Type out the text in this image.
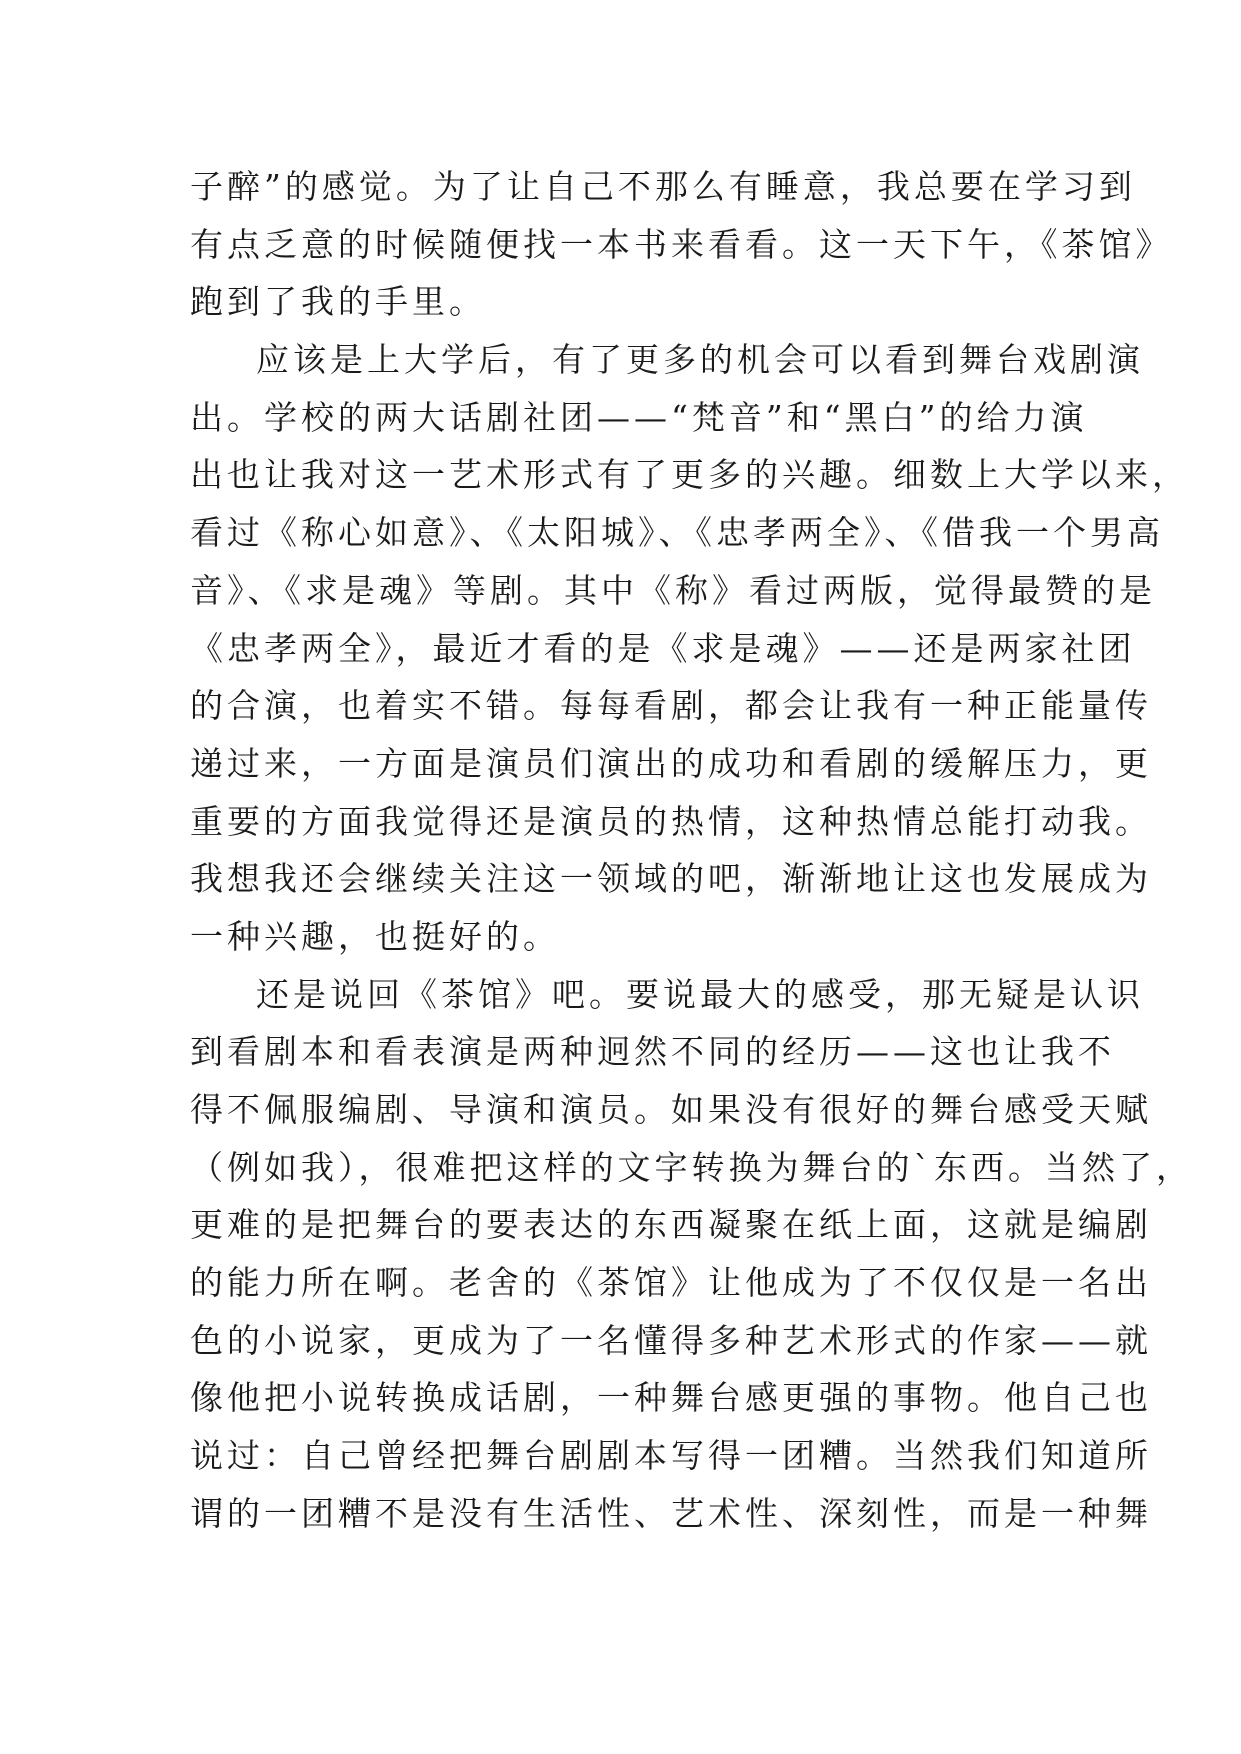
子醉”的感觉。为了让自己不那么有睡意，我总要在学习到
有点乏意的时候随便找一本书来看看。这一天下午，《茶馆》
跑到了我的手里。
应该是上大学后，有了更多的机会可以看到舞台戏剧演
出。学校的两大话剧社团——“梵音”和“黑白”的给力演
出也让我对这一艺术形式有了更多的兴趣。细数上大学以来，
看过《称心如意》、《太阳城》、《忠孝两全》、《借我一个男高
音》、《求是魂》等剧。其中《称》看过两版，觉得最赞的是
《忠孝两全》，最近才看的是《求是魂》——还是两家社团
的合演，也着实不错。每每看剧，都会让我有一种正能量传
递过来，一方面是演员们演出的成功和看剧的缓解压力，更
重要的方面我觉得还是演员的热情，这种热情总能打动我。
我想我还会继续关注这一领域的吧，渐渐地让这也发展成为
一种兴趣，也挺好的。
还是说回《茶馆》吧。要说最大的感受，那无疑是认识
到看剧本和看表演是两种迥然不同的经历——这也让我不
得不佩服编剧、导演和演员。如果没有很好的舞台感受天赋
（例如我），很难把这样的文字转换为舞台的`东西。当然了，
更难的是把舞台的要表达的东西凝聚在纸上面，这就是编剧
的能力所在啊。老舍的《茶馆》让他成为了不仅仅是一名出
色的小说家，更成为了一名懂得多种艺术形式的作家——就
像他把小说转换成话剧，一种舞台感更强的事物。他自己也
说过：自己曾经把舞台剧剧本写得一团糟。当然我们知道所
谓的一团糟不是没有生活性、艺术性、深刻性，而是一种舞
